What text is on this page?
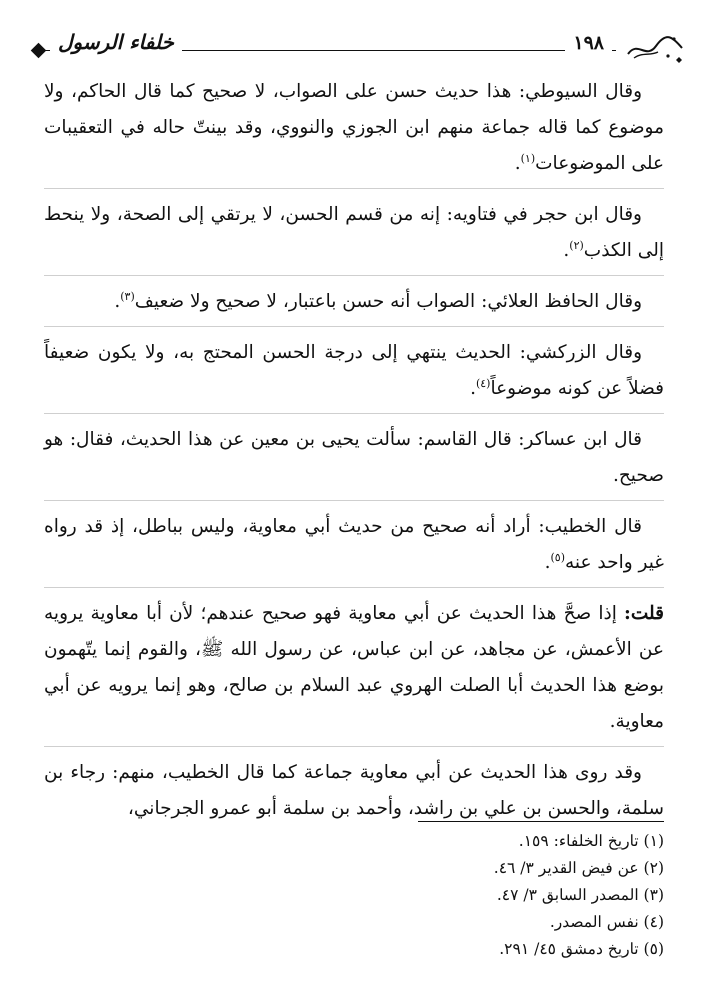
خلفاء الرسول	١٩٨

وقال السيوطي: هذا حديث حسن على الصواب، لا صحيح كما قال الحاكم، ولا موضوع كما قاله جماعة منهم ابن الجوزي والنووي، وقد بينتّ حاله في التعقيبات على الموضوعات$^{(١)}$.

وقال ابن حجر في فتاويه: إنه من قسم الحسن، لا يرتقي إلى الصحة، ولا ينحط إلى الكذب$^{(٢)}$.

وقال الحافظ العلائي: الصواب أنه حسن باعتبار، لا صحيح ولا ضعيف$^{(٣)}$.

وقال الزركشي: الحديث ينتهي إلى درجة الحسن المحتج به، ولا يكون ضعيفاً فضلاً عن كونه موضوعاً$^{(٤)}$.

قال ابن عساكر: قال القاسم: سألت يحيى بن معين عن هذا الحديث، فقال: هو صحيح.

قال الخطيب: أراد أنه صحيح من حديث أبي معاوية، وليس بباطل، إذ قد رواه غير واحد عنه$^{(٥)}$.

قلت: إذا صحَّ هذا الحديث عن أبي معاوية فهو صحيح عندهم؛ لأن أبا معاوية يرويه عن الأعمش، عن مجاهد، عن ابن عباس، عن رسول الله ﷺ، والقوم إنما يتّهمون بوضع هذا الحديث أبا الصلت الهروي عبد السلام بن صالح، وهو إنما يرويه عن أبي معاوية.

وقد روى هذا الحديث عن أبي معاوية جماعة كما قال الخطيب، منهم: رجاء بن سلمة، والحسن بن علي بن راشد، وأحمد بن سلمة أبو عمرو الجرجاني،

(١) تاريخ الخلفاء: ١٥٩.
(٢) عن فيض القدير ٣/ ٤٦.
(٣) المصدر السابق ٣/ ٤٧.
(٤) نفس المصدر.
(٥) تاريخ دمشق ٤٥/ ٢٩١.
